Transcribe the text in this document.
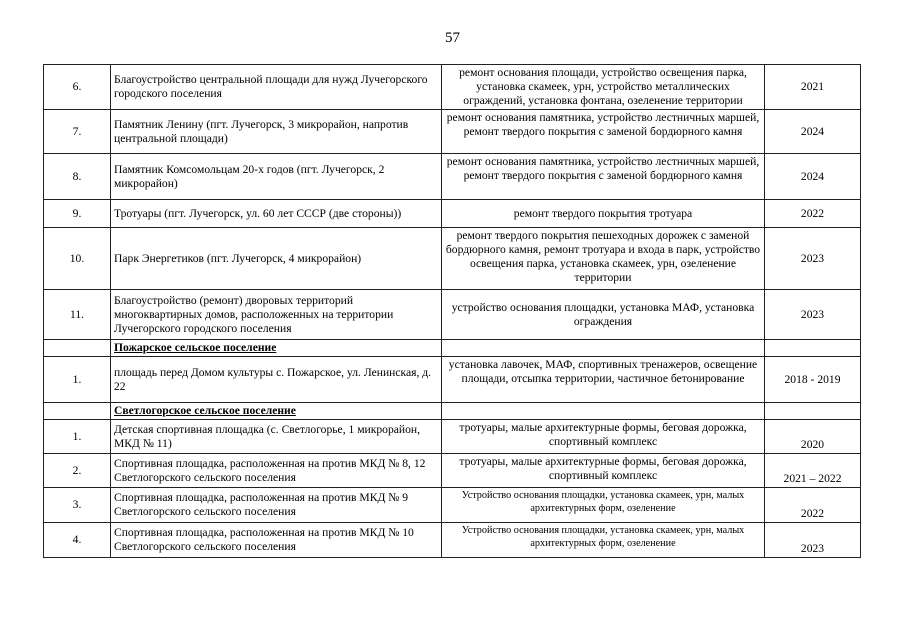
57
6.	Благоустройство центральной площади для нужд Лучегорского городского поселения	ремонт основания площади, устройство освещения парка, установка скамеек, урн, устройство металлических ограждений, установка фонтана, озеленение территории	2021
7.	Памятник Ленину (пгт. Лучегорск, 3 микрорайон, напротив центральной площади)	ремонт основания памятника, устройство лестничных маршей, ремонт твердого покрытия с заменой бордюрного камня	2024
8.	Памятник Комсомольцам 20-х годов (пгт. Лучегорск, 2 микрорайон)	ремонт основания памятника, устройство лестничных маршей, ремонт твердого покрытия с заменой бордюрного камня	2024
9.	Тротуары (пгт. Лучегорск, ул. 60 лет СССР (две стороны))	ремонт твердого покрытия тротуара	2022
10.	Парк Энергетиков (пгт. Лучегорск, 4 микрорайон)	ремонт твердого покрытия пешеходных дорожек с заменой бордюрного камня, ремонт тротуара и входа в парк, устройство освещения парка, установка скамеек, урн, озеленение территории	2023
11.	Благоустройство (ремонт) дворовых территорий многоквартирных домов, расположенных на территории Лучегорского городского поселения	устройство основания площадки, установка МАФ, установка ограждения	2023
	Пожарское сельское поселение		
1.	площадь перед Домом культуры с. Пожарское, ул. Ленинская, д. 22	установка лавочек, МАФ, спортивных тренажеров, освещение площади, отсыпка территории, частичное бетонирование	2018 - 2019
	Светлогорское сельское поселение		
1.	Детская спортивная площадка (с. Светлогорье, 1 микрорайон, МКД № 11)	тротуары, малые архитектурные формы, беговая дорожка, спортивный комплекс	2020
2.	Спортивная площадка, расположенная на против МКД № 8, 12 Светлогорского сельского поселения	тротуары, малые архитектурные формы, беговая дорожка, спортивный комплекс	2021 – 2022
3.	Спортивная площадка, расположенная на против МКД № 9 Светлогорского сельского поселения	Устройство основания площадки, установка скамеек, урн, малых архитектурных форм, озеленение	2022
4.	Спортивная площадка, расположенная на против МКД № 10 Светлогорского сельского поселения	Устройство основания площадки, установка скамеек, урн, малых архитектурных форм, озеленение	2023
